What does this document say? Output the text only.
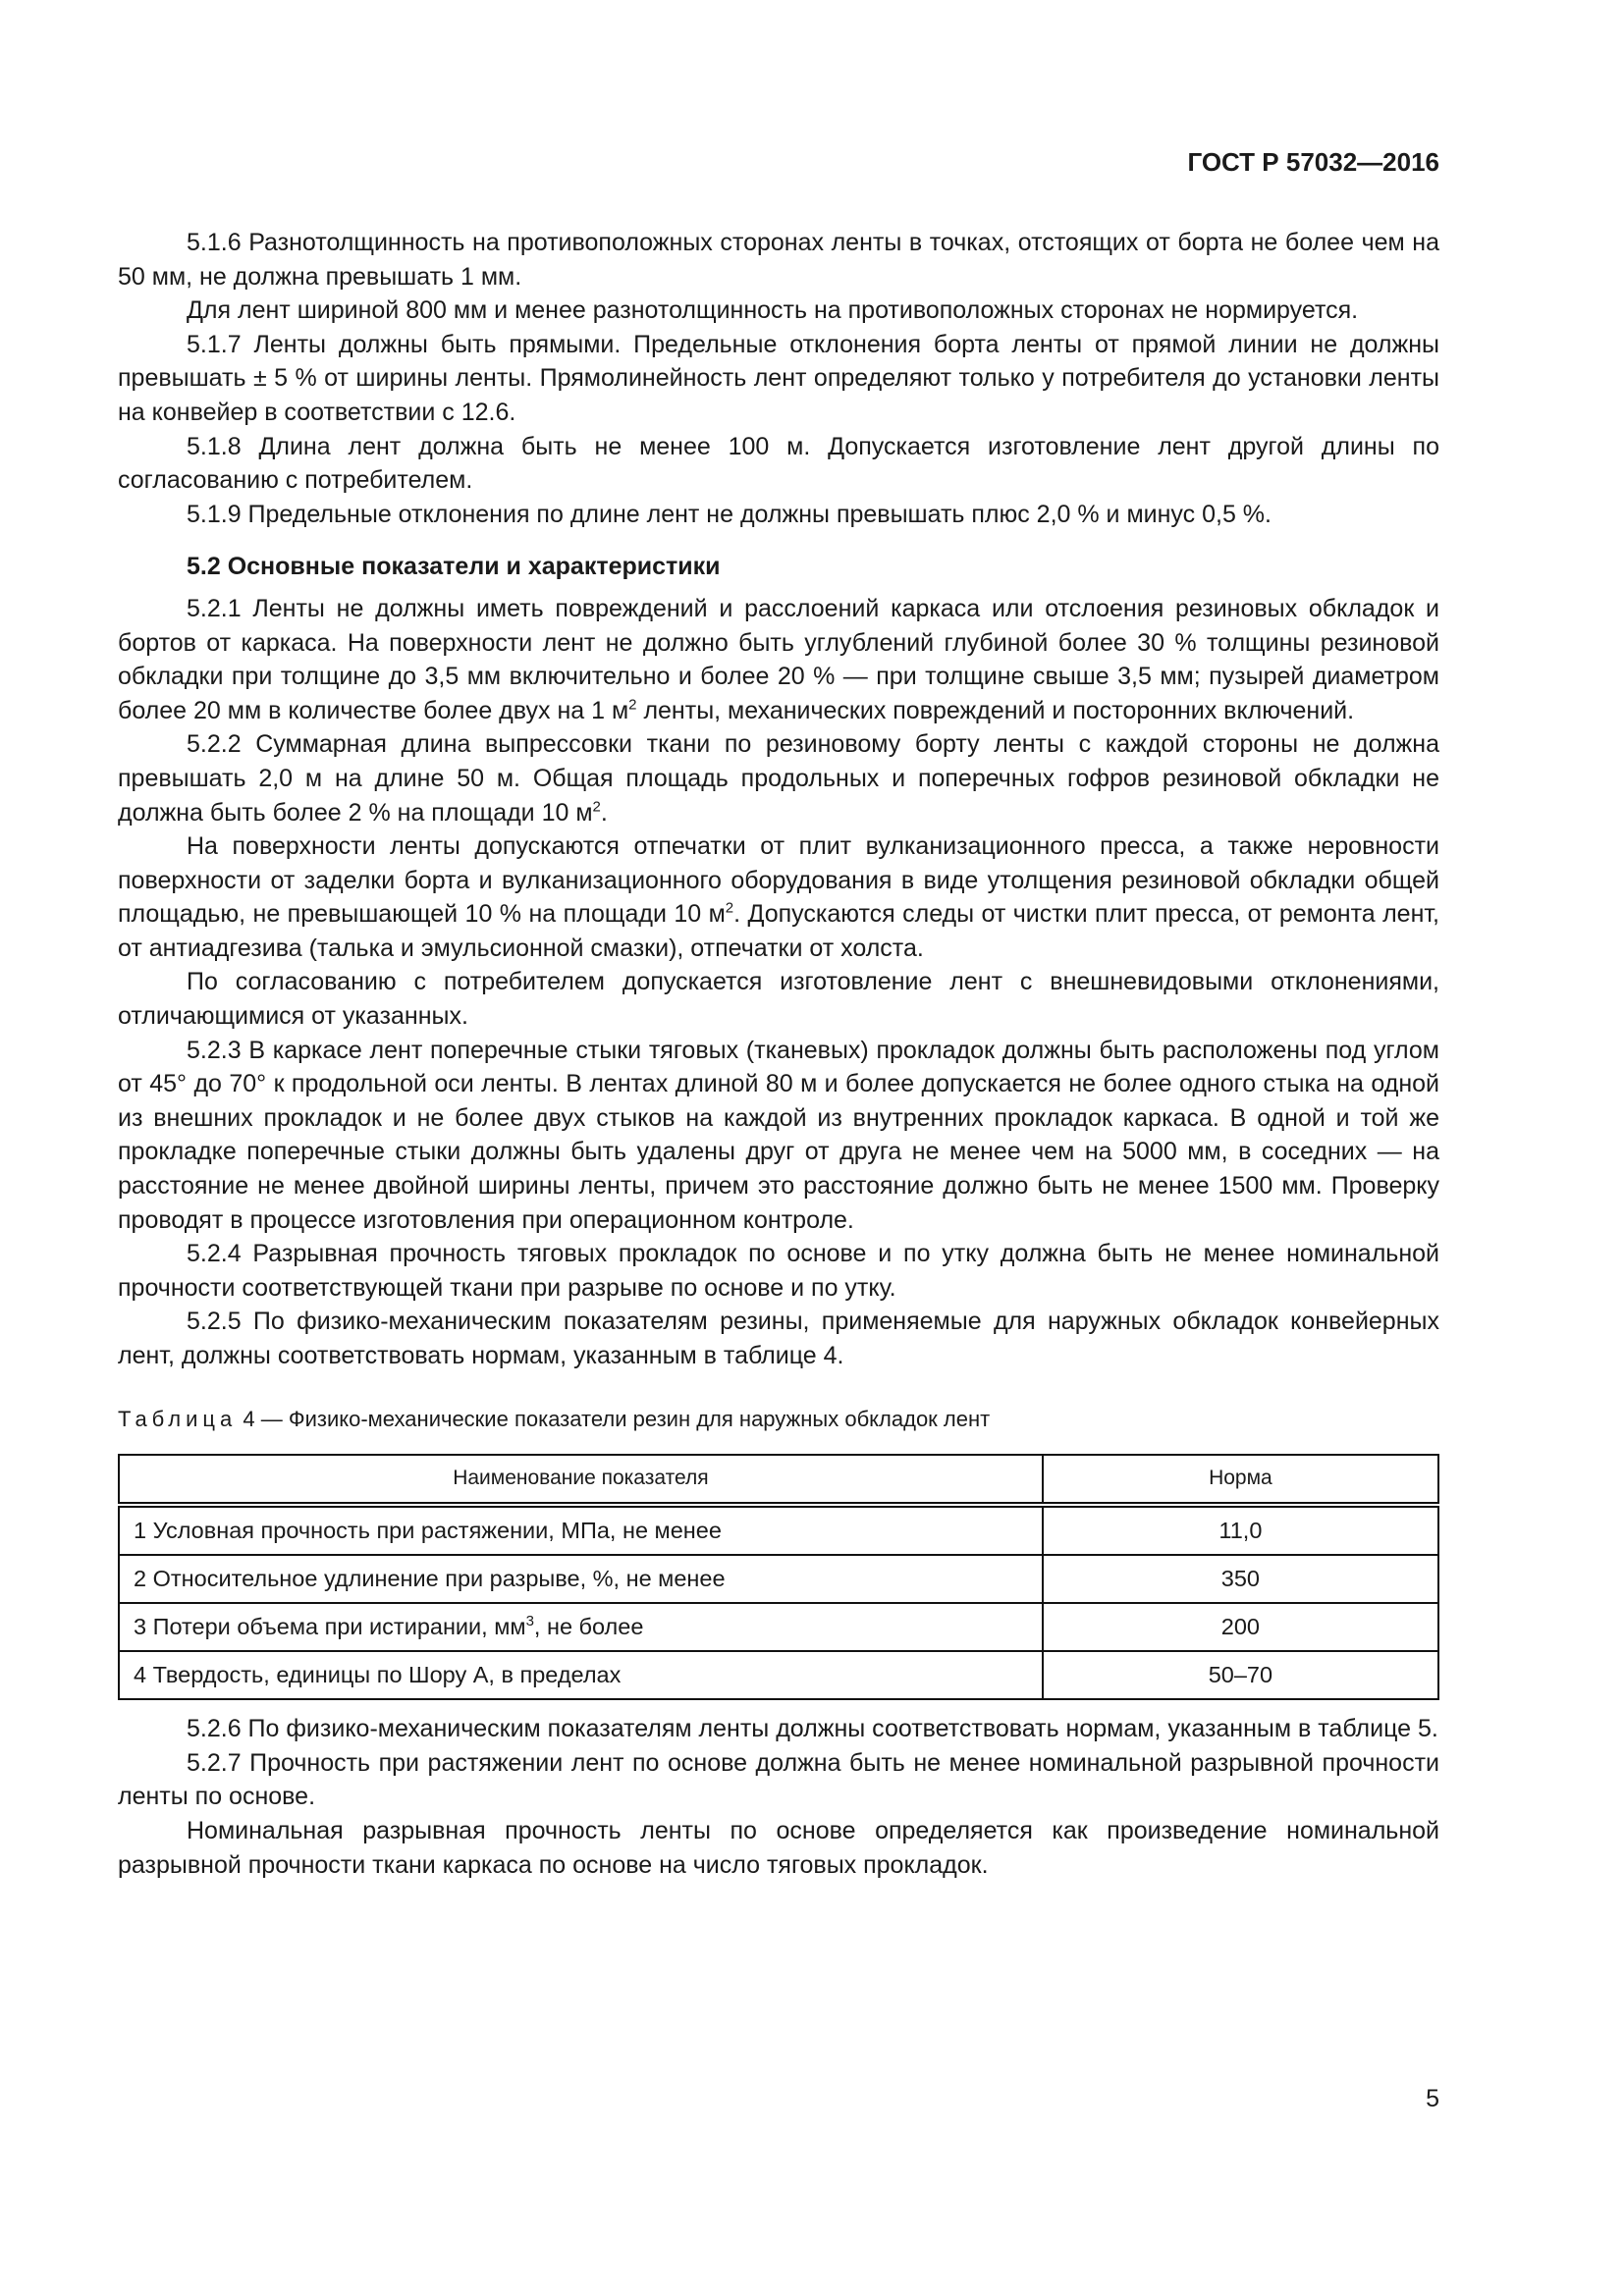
ГОСТ Р 57032—2016

5.1.6 Разнотолщинность на противоположных сторонах ленты в точках, отстоящих от борта не более чем на 50 мм, не должна превышать 1 мм.

Для лент шириной 800 мм и менее разнотолщинность на противоположных сторонах не нормируется.

5.1.7 Ленты должны быть прямыми. Предельные отклонения борта ленты от прямой линии не должны превышать ± 5 % от ширины ленты. Прямолинейность лент определяют только у потребителя до установки ленты на конвейер в соответствии с 12.6.

5.1.8 Длина лент должна быть не менее 100 м. Допускается изготовление лент другой длины по согласованию с потребителем.

5.1.9 Предельные отклонения по длине лент не должны превышать плюс 2,0 % и минус 0,5 %.

5.2 Основные показатели и характеристики

5.2.1 Ленты не должны иметь повреждений и расслоений каркаса или отслоения резиновых обкладок и бортов от каркаса. На поверхности лент не должно быть углублений глубиной более 30 % толщины резиновой обкладки при толщине до 3,5 мм включительно и более 20 % — при толщине свыше 3,5 мм; пузырей диаметром более 20 мм в количестве более двух на 1 $м^2$ ленты, механических повреждений и посторонних включений.

5.2.2 Суммарная длина выпрессовки ткани по резиновому борту ленты с каждой стороны не должна превышать 2,0 м на длине 50 м. Общая площадь продольных и поперечных гофров резиновой обкладки не должна быть более 2 % на площади 10 $м^2$.

На поверхности ленты допускаются отпечатки от плит вулканизационного пресса, а также неровности поверхности от заделки борта и вулканизационного оборудования в виде утолщения резиновой обкладки общей площадью, не превышающей 10 % на площади 10 $м^2$. Допускаются следы от чистки плит пресса, от ремонта лент, от антиадгезива (талька и эмульсионной смазки), отпечатки от холста.

По согласованию с потребителем допускается изготовление лент с внешневидовыми отклонениями, отличающимися от указанных.

5.2.3 В каркасе лент поперечные стыки тяговых (тканевых) прокладок должны быть расположены под углом от 45° до 70° к продольной оси ленты. В лентах длиной 80 м и более допускается не более одного стыка на одной из внешних прокладок и не более двух стыков на каждой из внутренних прокладок каркаса. В одной и той же прокладке поперечные стыки должны быть удалены друг от друга не менее чем на 5000 мм, в соседних — на расстояние не менее двойной ширины ленты, причем это расстояние должно быть не менее 1500 мм. Проверку проводят в процессе изготовления при операционном контроле.

5.2.4 Разрывная прочность тяговых прокладок по основе и по утку должна быть не менее номинальной прочности соответствующей ткани при разрыве по основе и по утку.

5.2.5 По физико-механическим показателям резины, применяемые для наружных обкладок конвейерных лент, должны соответствовать нормам, указанным в таблице 4.

Таблица 4 — Физико-механические показатели резин для наружных обкладок лент
Наименование показателя	Норма
1 Условная прочность при растяжении, МПа, не менее	11,0
2 Относительное удлинение при разрыве, %, не менее	350
3 Потери объема при истирании, $мм^3$, не более	200
4 Твердость, единицы по Шору А, в пределах	50–70

5.2.6 По физико-механическим показателям ленты должны соответствовать нормам, указанным в таблице 5.

5.2.7 Прочность при растяжении лент по основе должна быть не менее номинальной разрывной прочности ленты по основе.

Номинальная разрывная прочность ленты по основе определяется как произведение номинальной разрывной прочности ткани каркаса по основе на число тяговых прокладок.

5
